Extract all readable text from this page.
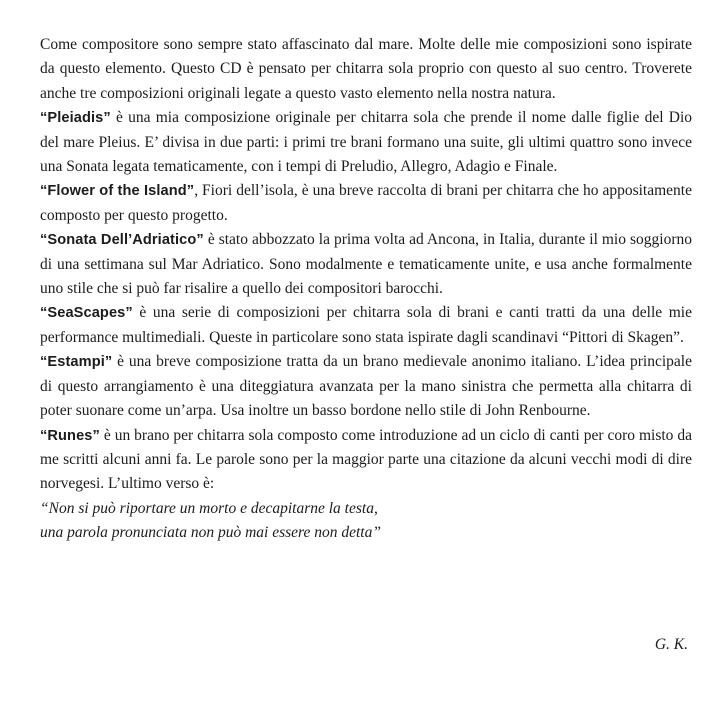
Come compositore sono sempre stato affascinato dal mare. Molte delle mie composizioni sono ispirate da questo elemento. Questo CD è pensato per chitarra sola proprio con questo al suo centro. Troverete anche tre composizioni originali legate a questo vasto elemento nella nostra natura.

“Pleiadis” è una mia composizione originale per chitarra sola che prende il nome dalle figlie del Dio del mare Pleius. E’ divisa in due parti: i primi tre brani formano una suite, gli ultimi quattro sono invece una Sonata legata tematicamente, con i tempi di Preludio, Allegro, Adagio e Finale.

“Flower of the Island”, Fiori dell’isola, è una breve raccolta di brani per chitarra che ho appositamente composto per questo progetto.

“Sonata Dell’Adriatico” è stato abbozzato la prima volta ad Ancona, in Italia, durante il mio soggiorno di una settimana sul Mar Adriatico. Sono modalmente e tematicamente unite, e usa anche formalmente uno stile che si può far risalire a quello dei compositori barocchi.

“SeaScapes” è una serie di composizioni per chitarra sola di brani e canti tratti da una delle mie performance multimediali. Queste in particolare sono stata ispirate dagli scandinavi “Pittori di Skagen”.

“Estampi” è una breve composizione tratta da un brano medievale anonimo italiano. L’idea principale di questo arrangiamento è una diteggiatura avanzata per la mano sinistra che permetta alla chitarra di poter suonare come un’arpa. Usa inoltre un basso bordone nello stile di John Renbourne.

“Runes” è un brano per chitarra sola composto come introduzione ad un ciclo di canti per coro misto da me scritti alcuni anni fa. Le parole sono per la maggior parte una citazione da alcuni vecchi modi di dire norvegesi. L’ultimo verso è:

“Non si può riportare un morto e decapitarne la testa,

una parola pronunciata non può mai essere non detta”

G. K.
